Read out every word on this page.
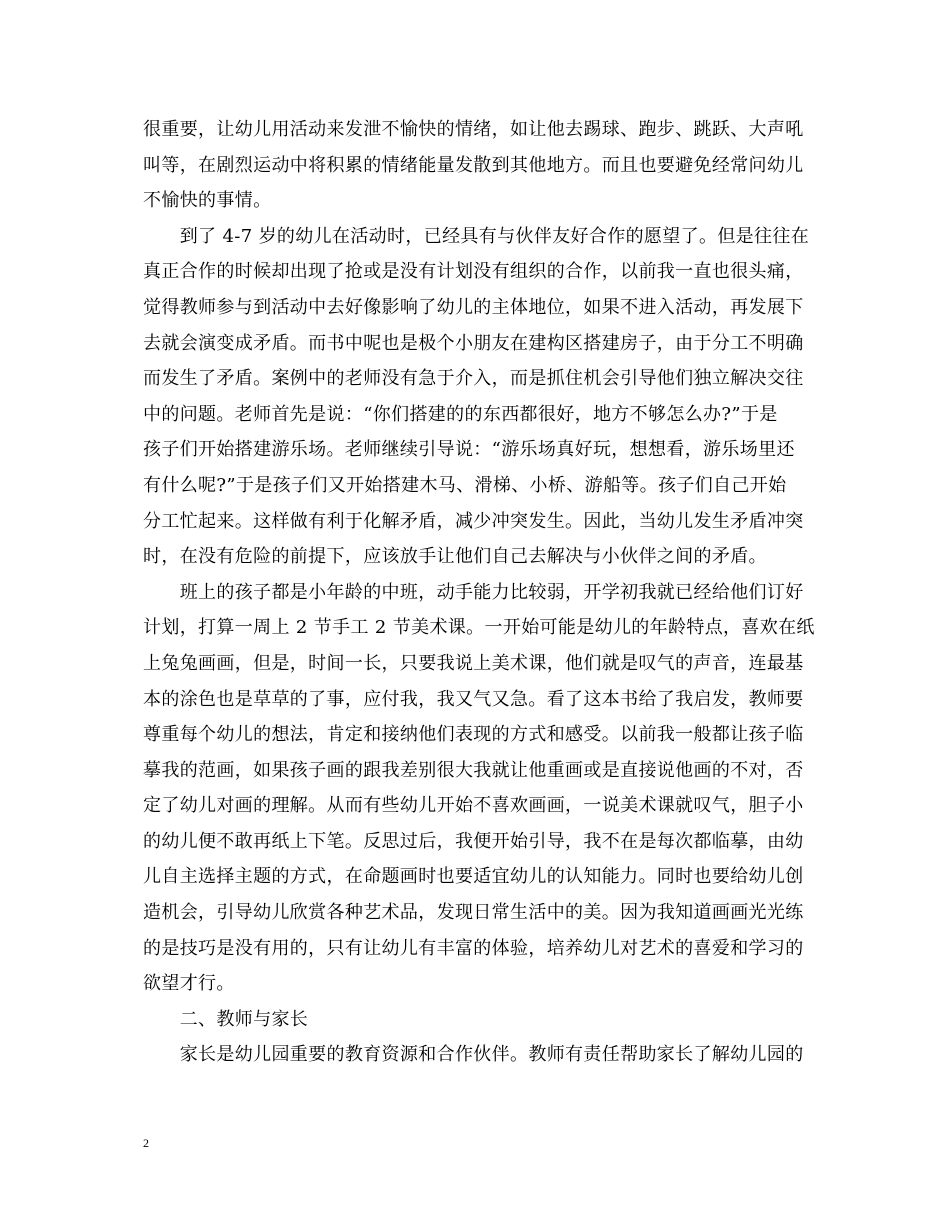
很重要，让幼儿用活动来发泄不愉快的情绪，如让他去踢球、跑步、跳跃、大声吼
叫等，在剧烈运动中将积累的情绪能量发散到其他地方。而且也要避免经常问幼儿
不愉快的事情。
　　到了 4-7 岁的幼儿在活动时，已经具有与伙伴友好合作的愿望了。但是往往在
真正合作的时候却出现了抢或是没有计划没有组织的合作，以前我一直也很头痛，
觉得教师参与到活动中去好像影响了幼儿的主体地位，如果不进入活动，再发展下
去就会演变成矛盾。而书中呢也是极个小朋友在建构区搭建房子，由于分工不明确
而发生了矛盾。案例中的老师没有急于介入，而是抓住机会引导他们独立解决交往
中的问题。老师首先是说：“你们搭建的的东西都很好，地方不够怎么办?”于是
孩子们开始搭建游乐场。老师继续引导说：“游乐场真好玩，想想看，游乐场里还
有什么呢?”于是孩子们又开始搭建木马、滑梯、小桥、游船等。孩子们自己开始
分工忙起来。这样做有利于化解矛盾，减少冲突发生。因此，当幼儿发生矛盾冲突
时，在没有危险的前提下，应该放手让他们自己去解决与小伙伴之间的矛盾。
　　班上的孩子都是小年龄的中班，动手能力比较弱，开学初我就已经给他们订好
计划，打算一周上 2 节手工 2 节美术课。一开始可能是幼儿的年龄特点，喜欢在纸
上兔兔画画，但是，时间一长，只要我说上美术课，他们就是叹气的声音，连最基
本的涂色也是草草的了事，应付我，我又气又急。看了这本书给了我启发，教师要
尊重每个幼儿的想法，肯定和接纳他们表现的方式和感受。以前我一般都让孩子临
摹我的范画，如果孩子画的跟我差别很大我就让他重画或是直接说他画的不对，否
定了幼儿对画的理解。从而有些幼儿开始不喜欢画画，一说美术课就叹气，胆子小
的幼儿便不敢再纸上下笔。反思过后，我便开始引导，我不在是每次都临摹，由幼
儿自主选择主题的方式，在命题画时也要适宜幼儿的认知能力。同时也要给幼儿创
造机会，引导幼儿欣赏各种艺术品，发现日常生活中的美。因为我知道画画光光练
的是技巧是没有用的，只有让幼儿有丰富的体验，培养幼儿对艺术的喜爱和学习的
欲望才行。
　　二、教师与家长
　　家长是幼儿园重要的教育资源和合作伙伴。教师有责任帮助家长了解幼儿园的
2
